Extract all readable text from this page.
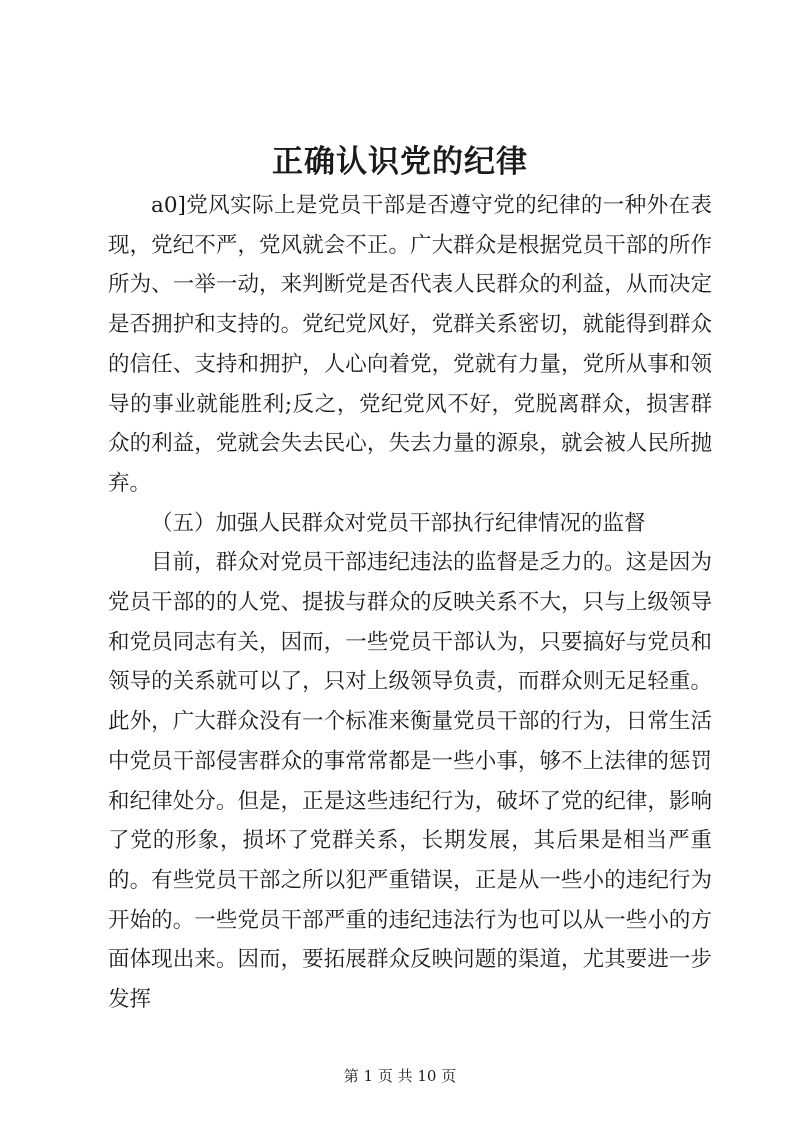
正确认识党的纪律

a0]党风实际上是党员干部是否遵守党的纪律的一种外在表现，党纪不严，党风就会不正。广大群众是根据党员干部的所作所为、一举一动，来判断党是否代表人民群众的利益，从而决定是否拥护和支持的。党纪党风好，党群关系密切，就能得到群众的信任、支持和拥护，人心向着党，党就有力量，党所从事和领导的事业就能胜利;反之，党纪党风不好，党脱离群众，损害群众的利益，党就会失去民心，失去力量的源泉，就会被人民所抛弃。

（五）加强人民群众对党员干部执行纪律情况的监督

目前，群众对党员干部违纪违法的监督是乏力的。这是因为党员干部的的人党、提拔与群众的反映关系不大，只与上级领导和党员同志有关，因而，一些党员干部认为，只要搞好与党员和领导的关系就可以了，只对上级领导负责，而群众则无足轻重。此外，广大群众没有一个标准来衡量党员干部的行为，日常生活中党员干部侵害群众的事常常都是一些小事，够不上法律的惩罚和纪律处分。但是，正是这些违纪行为，破坏了党的纪律，影响了党的形象，损坏了党群关系，长期发展，其后果是相当严重的。有些党员干部之所以犯严重错误，正是从一些小的违纪行为开始的。一些党员干部严重的违纪违法行为也可以从一些小的方面体现出来。因而，要拓展群众反映问题的渠道，尤其要进一步发挥

第 1 页 共 10 页
